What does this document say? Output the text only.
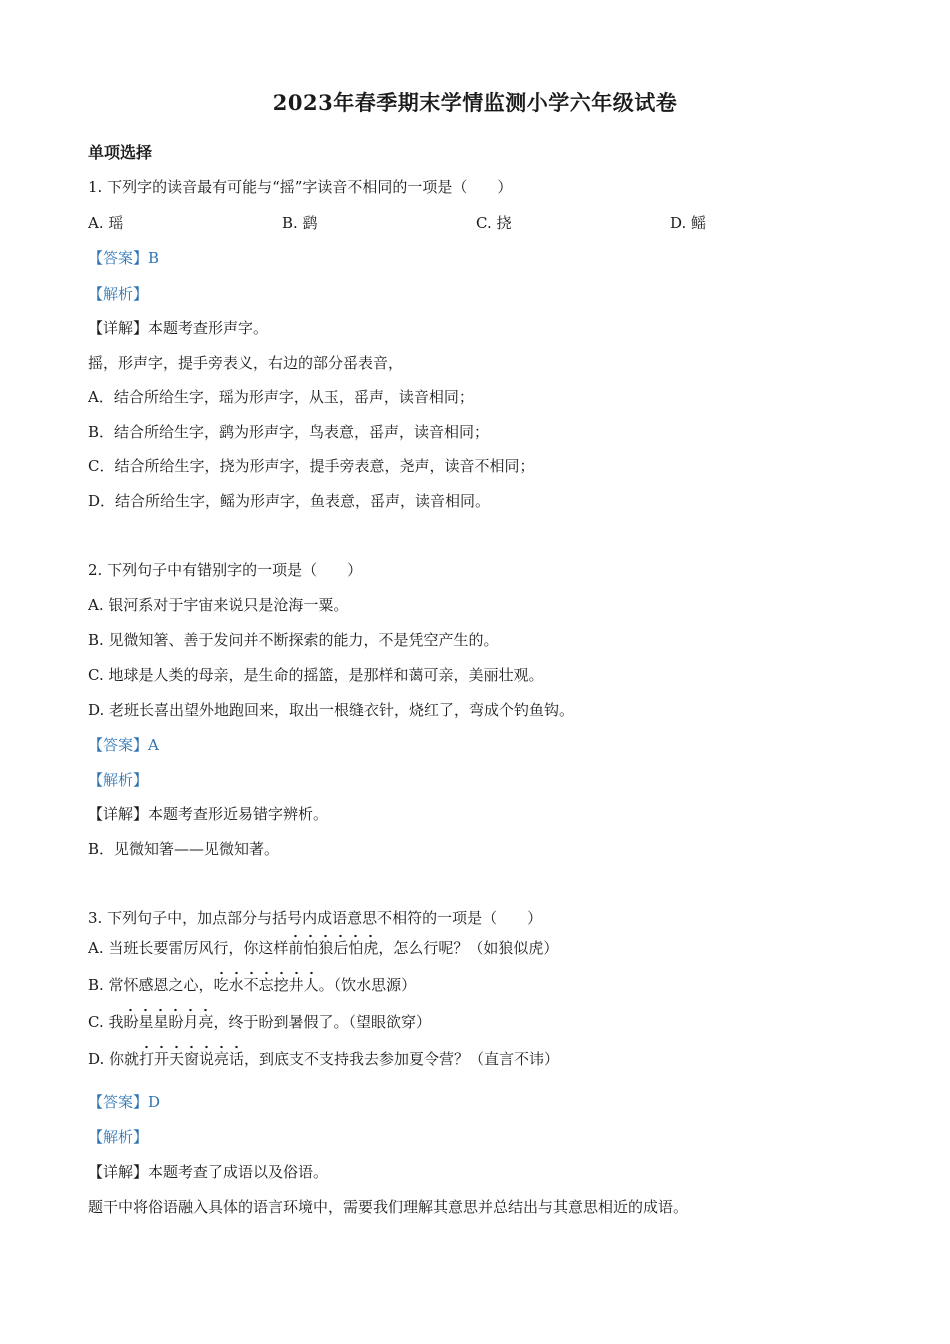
2023年春季期末学情监测小学六年级试卷
单项选择
1. 下列字的读音最有可能与“摇”字读音不相同的一项是（　　）
A. 瑶	B. 鹞	C. 挠	D. 鳐
【答案】B
【解析】
【详解】本题考查形声字。
摇，形声字，提手旁表义，右边的部分䍃表音，
A．结合所给生字，瑶为形声字，从玉，䍃声，读音相同；
B．结合所给生字，鹞为形声字，鸟表意，䍃声，读音相同；
C．结合所给生字，挠为形声字，提手旁表意，尧声，读音不相同；
D．结合所给生字，鳐为形声字，鱼表意，䍃声，读音相同。
2. 下列句子中有错别字的一项是（　　）
A. 银河系对于宇宙来说只是沧海一粟。
B. 见微知箸、善于发问并不断探索的能力，不是凭空产生的。
C. 地球是人类的母亲，是生命的摇篮，是那样和蔼可亲，美丽壮观。
D. 老班长喜出望外地跑回来，取出一根缝衣针，烧红了，弯成个钓鱼钩。
【答案】A
【解析】
【详解】本题考查形近易错字辨析。
B．见微知箸——见微知著。
3. 下列句子中，加点部分与括号内成语意思不相符的一项是（　　）
A. 当班长要雷厉风行，你这样前怕狼后怕虎，怎么行呢？（如狼似虎）
B. 常怀感恩之心，吃水不忘挖井人。（饮水思源）
C. 我盼星星盼月亮，终于盼到暑假了。（望眼欲穿）
D. 你就打开天窗说亮话，到底支不支持我去参加夏令营？（直言不讳）
【答案】D
【解析】
【详解】本题考查了成语以及俗语。
题干中将俗语融入具体的语言环境中，需要我们理解其意思并总结出与其意思相近的成语。
